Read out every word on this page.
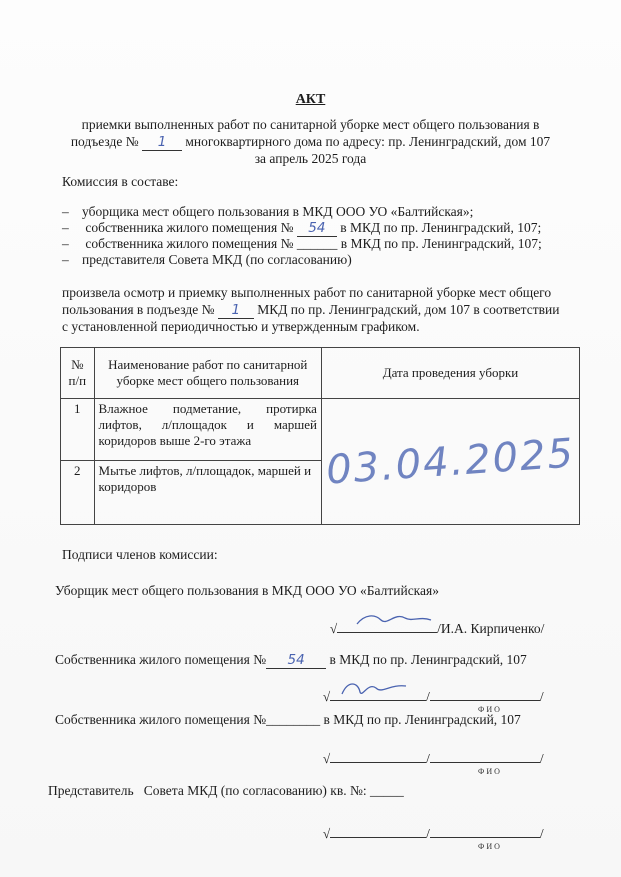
АКТ
приемки выполненных работ по санитарной уборке мест общего пользования в
подъезде № 1 многоквартирного дома по адресу: пр. Ленинградский, дом 107
за апрель 2025 года
Комиссия в составе:
– уборщика мест общего пользования в МКД ООО УО «Балтийская»;
– собственника жилого помещения № 54 в МКД по пр. Ленинградский, 107;
– собственника жилого помещения № ______ в МКД по пр. Ленинградский, 107;
– представителя Совета МКД (по согласованию)
произвела осмотр и приемку выполненных работ по санитарной уборке мест общего
пользования в подъезде № 1 МКД по пр. Ленинградский, дом 107 в соответствии
с установленной периодичностью и утвержденным графиком.
№ п/п	Наименование работ по санитарной уборке мест общего пользования	Дата проведения уборки
1	Влажное подметание, протирка лифтов, л/площадок и маршей коридоров выше 2-го этажа	03.04.2025
2	Мытье лифтов, л/площадок, маршей и коридоров	
Подписи членов комиссии:
Уборщик мест общего пользования в МКД ООО УО «Балтийская»
√	/И.А. Кирпиченко/
Собственника жилого помещения № 54 в МКД по пр. Ленинградский, 107
√	/	/
ФИО
Собственника жилого помещения №________ в МКД по пр. Ленинградский, 107
√	/	/
ФИО
Представитель   Совета МКД (по согласованию) кв. №: _____
√	/	/
ФИО
